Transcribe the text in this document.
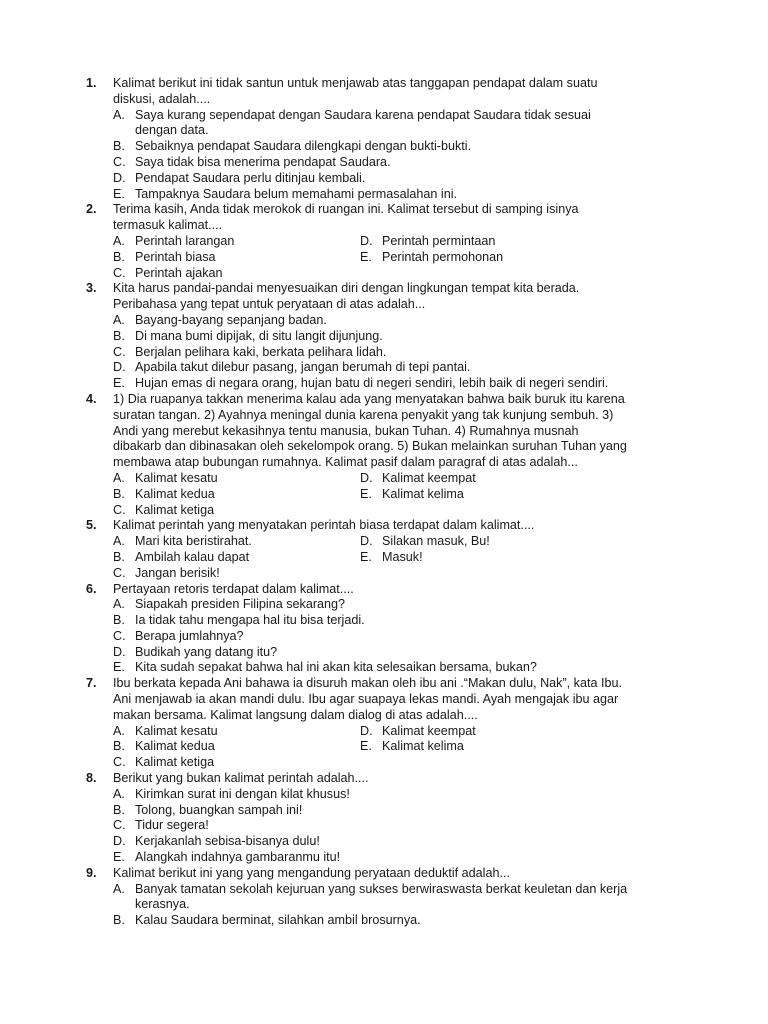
1.	Kalimat berikut ini tidak santun untuk menjawab atas tanggapan pendapat dalam suatu
diskusi, adalah....
A. Saya kurang sependapat dengan Saudara karena pendapat Saudara tidak sesuai
dengan data.
B. Sebaiknya pendapat Saudara dilengkapi dengan bukti-bukti.
C. Saya tidak bisa menerima pendapat Saudara.
D. Pendapat Saudara perlu ditinjau kembali.
E. Tampaknya Saudara belum memahami permasalahan ini.
2.	Terima kasih, Anda tidak merokok di ruangan ini. Kalimat tersebut di samping isinya
termasuk kalimat....
A. Perintah larangan	D. Perintah permintaan
B. Perintah biasa	E. Perintah permohonan
C. Perintah ajakan
3.	Kita harus pandai-pandai menyesuaikan diri dengan lingkungan tempat kita berada.
Peribahasa yang tepat untuk peryataan di atas adalah...
A. Bayang-bayang sepanjang badan.
B. Di mana bumi dipijak, di situ langit dijunjung.
C. Berjalan pelihara kaki, berkata pelihara lidah.
D. Apabila takut dilebur pasang, jangan berumah di tepi pantai.
E. Hujan emas di negara orang, hujan batu di negeri sendiri, lebih baik di negeri sendiri.
4.	1) Dia ruapanya takkan menerima kalau ada yang menyatakan bahwa baik buruk itu karena
suratan tangan. 2) Ayahnya meningal dunia karena penyakit yang tak kunjung sembuh. 3)
Andi yang merebut kekasihnya tentu manusia, bukan Tuhan. 4) Rumahnya musnah
dibakarb dan dibinasakan oleh sekelompok orang. 5) Bukan melainkan suruhan Tuhan yang
membawa atap bubungan rumahnya. Kalimat pasif dalam paragraf di atas adalah...
A. Kalimat kesatu	D. Kalimat keempat
B. Kalimat kedua	E. Kalimat kelima
C. Kalimat ketiga
5.	Kalimat perintah yang menyatakan perintah biasa terdapat dalam kalimat....
A. Mari kita beristirahat.	D. Silakan masuk, Bu!
B. Ambilah kalau dapat	E. Masuk!
C. Jangan berisik!
6.	Pertayaan retoris terdapat dalam kalimat....
A. Siapakah presiden Filipina sekarang?
B. Ia tidak tahu mengapa hal itu bisa terjadi.
C. Berapa jumlahnya?
D. Budikah yang datang itu?
E. Kita sudah sepakat bahwa hal ini akan kita selesaikan bersama, bukan?
7.	Ibu berkata kepada Ani bahawa ia disuruh makan oleh ibu ani .“Makan dulu, Nak”, kata Ibu.
Ani menjawab ia akan mandi dulu. Ibu agar suapaya lekas mandi. Ayah mengajak ibu agar
makan bersama. Kalimat langsung dalam dialog di atas adalah....
A. Kalimat kesatu	D. Kalimat keempat
B. Kalimat kedua	E. Kalimat kelima
C. Kalimat ketiga
8.	Berikut yang bukan kalimat perintah adalah....
A. Kirimkan surat ini dengan kilat khusus!
B. Tolong, buangkan sampah ini!
C. Tidur segera!
D. Kerjakanlah sebisa-bisanya dulu!
E. Alangkah indahnya gambaranmu itu!
9.	Kalimat berikut ini yang yang mengandung peryataan deduktif adalah...
A. Banyak tamatan sekolah kejuruan yang sukses berwiraswasta berkat keuletan dan kerja
kerasnya.
B. Kalau Saudara berminat, silahkan ambil brosurnya.
